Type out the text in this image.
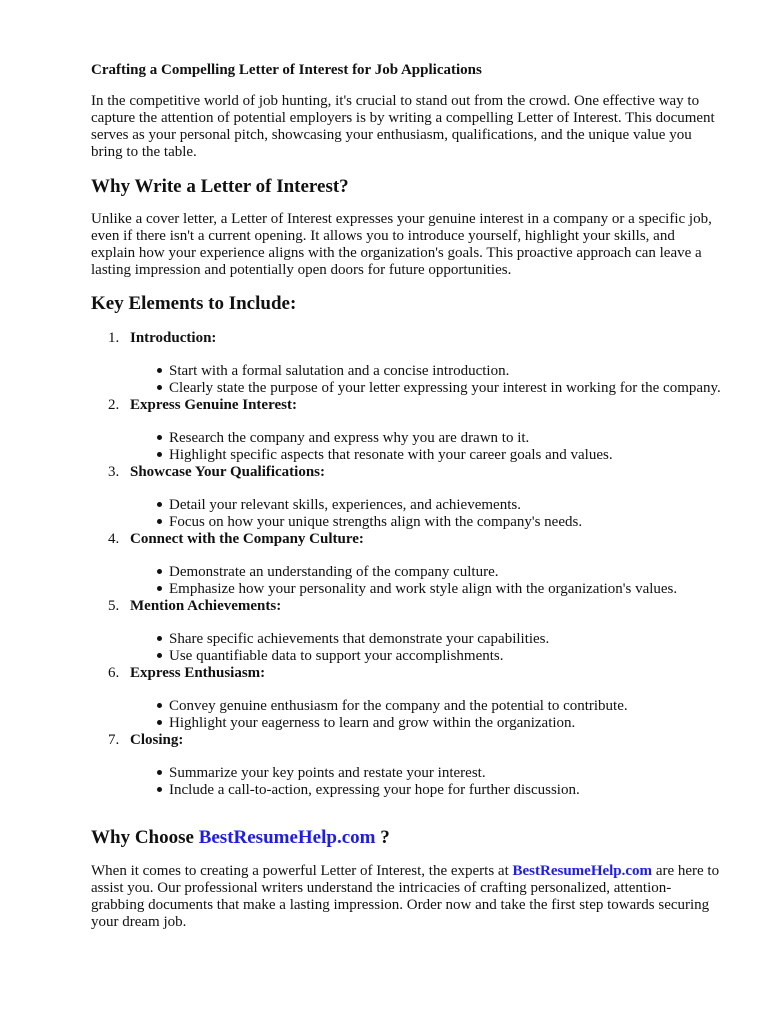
Crafting a Compelling Letter of Interest for Job Applications

In the competitive world of job hunting, it's crucial to stand out from the crowd. One effective way to capture the attention of potential employers is by writing a compelling Letter of Interest. This document serves as your personal pitch, showcasing your enthusiasm, qualifications, and the unique value you bring to the table.

Why Write a Letter of Interest?

Unlike a cover letter, a Letter of Interest expresses your genuine interest in a company or a specific job, even if there isn't a current opening. It allows you to introduce yourself, highlight your skills, and explain how your experience aligns with the organization's goals. This proactive approach can leave a lasting impression and potentially open doors for future opportunities.

Key Elements to Include:
1. Introduction:
Start with a formal salutation and a concise introduction.
Clearly state the purpose of your letter expressing your interest in working for the company.
2. Express Genuine Interest:
Research the company and express why you are drawn to it.
Highlight specific aspects that resonate with your career goals and values.
3. Showcase Your Qualifications:
Detail your relevant skills, experiences, and achievements.
Focus on how your unique strengths align with the company's needs.
4. Connect with the Company Culture:
Demonstrate an understanding of the company culture.
Emphasize how your personality and work style align with the organization's values.
5. Mention Achievements:
Share specific achievements that demonstrate your capabilities.
Use quantifiable data to support your accomplishments.
6. Express Enthusiasm:
Convey genuine enthusiasm for the company and the potential to contribute.
Highlight your eagerness to learn and grow within the organization.
7. Closing:
Summarize your key points and restate your interest.
Include a call-to-action, expressing your hope for further discussion.
Why Choose BestResumeHelp.com ?

When it comes to creating a powerful Letter of Interest, the experts at BestResumeHelp.com are here to assist you. Our professional writers understand the intricacies of crafting personalized, attention-grabbing documents that make a lasting impression. Order now and take the first step towards securing your dream job.
